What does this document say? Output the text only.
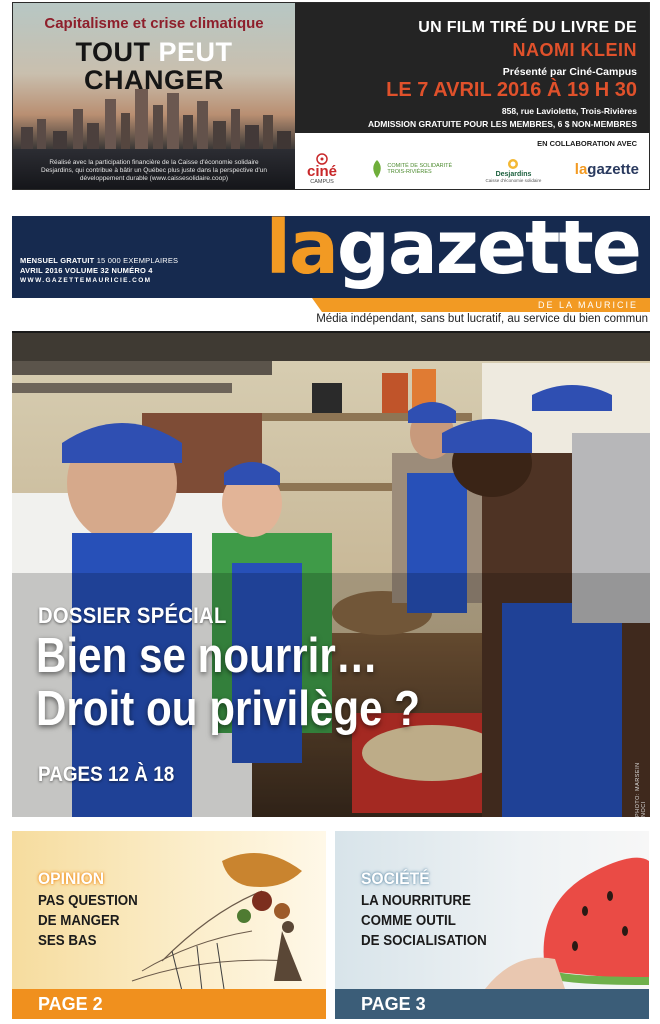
Capitalisme et crise climatique
TOUT PEUT
CHANGER
Réalisé avec la participation financière de la Caisse d'économie solidaire Desjardins, qui contribue à bâtir un Québec plus juste dans la perspective d'un développement durable (www.caissesolidaire.coop)
UN FILM TIRÉ DU LIVRE DE
NAOMI KLEIN
Présenté par Ciné-Campus
LE 7 AVRIL 2016 À 19 H 30
858, rue Laviolette, Trois-Rivières
ADMISSION GRATUITE POUR LES MEMBRES, 6 $ NON-MEMBRES
EN COLLABORATION AVEC
ciné
CAMPUS
COMITÉ DE SOLIDARITÉ
TROIS-RIVIÈRES	Desjardins
Caisse d'économie solidaire
lagazette
MENSUEL GRATUIT 15 000 EXEMPLAIRES
AVRIL 2016 VOLUME 32 NUMÉRO 4
WWW.GAZETTEMAURICIE.COM	lagazette
DE LA MAURICIE
Média indépendant, sans but lucratif, au service du bien commun
DOSSIER SPÉCIAL
Bien se nourrir…
Droit ou privilège ?
PAGES 12 À 18	PHOTO: MARSEIN NOCI
OPINION
PAS QUESTION
DE MANGER
SES BAS
PAGE 2
SOCIÉTÉ
LA NOURRITURE
COMME OUTIL
DE SOCIALISATION
PAGE 3
